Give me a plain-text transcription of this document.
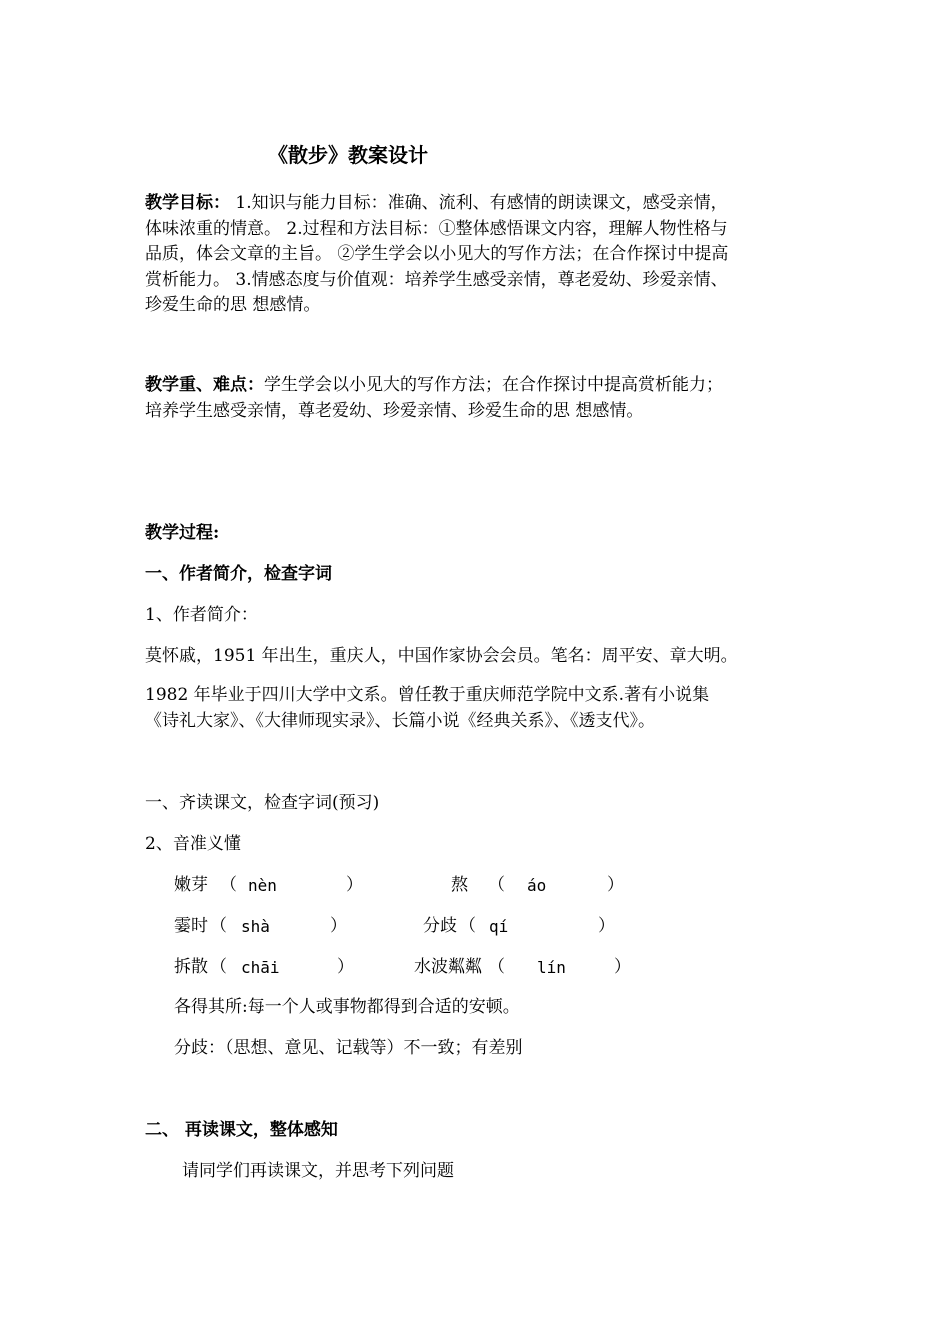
《散步》教案设计
教学目标： 1.知识与能力目标：准确、流利、有感情的朗读课文，感受亲情，
体味浓重的情意。 2.过程和方法目标：①整体感悟课文内容，理解人物性格与
品质，体会文章的主旨。 ②学生学会以小见大的写作方法；在合作探讨中提高
赏析能力。 3.情感态度与价值观：培养学生感受亲情，尊老爱幼、珍爱亲情、
珍爱生命的思 想感情。
教学重、难点：学生学会以小见大的写作方法；在合作探讨中提高赏析能力；
培养学生感受亲情，尊老爱幼、珍爱亲情、珍爱生命的思 想感情。
教学过程:
一、作者简介，检查字词
1、作者简介：
莫怀戚，1951 年出生，重庆人，中国作家协会会员。笔名：周平安、章大明。
1982 年毕业于四川大学中文系。曾任教于重庆师范学院中文系.著有小说集
《诗礼大家》、《大律师现实录》、长篇小说《经典关系》、《透支代》。
一、齐读课文，检查字词(预习)
2、音准义懂
嫩芽 （ nèn	）	熬 （ áo	）
霎时 （ shà	）	分歧 （ qí	）
拆散 （ chāi	）	水波粼粼 （ lín	）
各得其所:每一个人或事物都得到合适的安顿。
分歧：（思想、意见、记载等）不一致；有差别
二、 再读课文，整体感知
请同学们再读课文，并思考下列问题
